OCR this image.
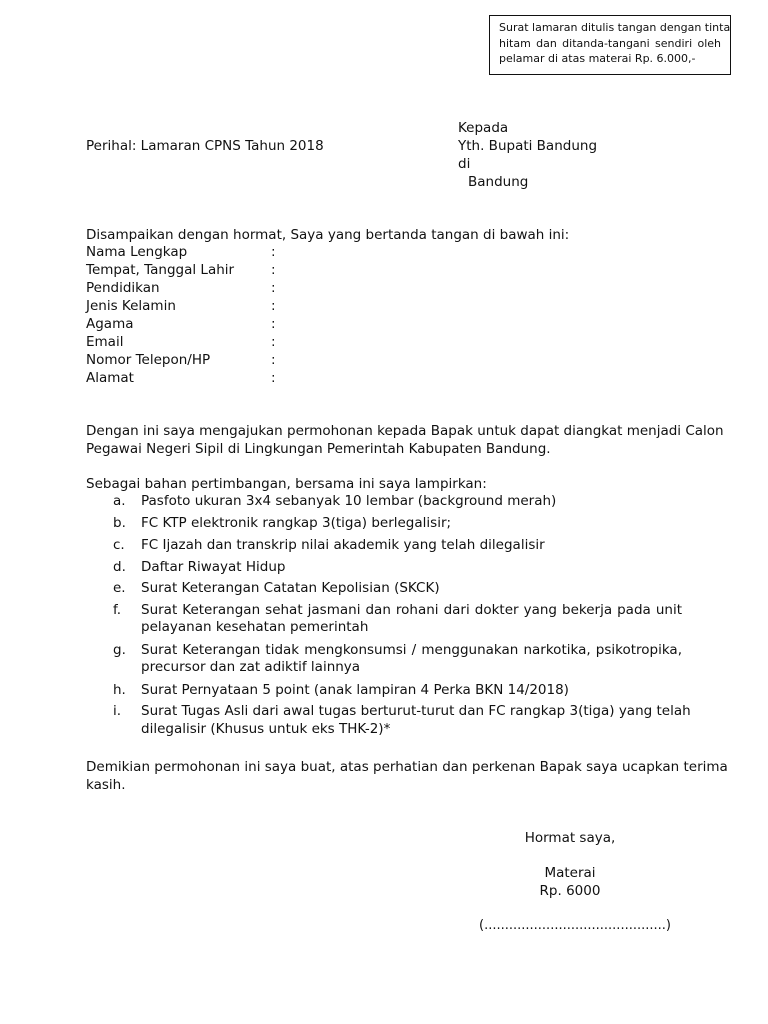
Surat lamaran ditulis tangan dengan tinta
hitam dan ditanda-tangani sendiri oleh
pelamar di atas materai Rp. 6.000,-
Kepada
Yth. Bupati Bandung
di
Bandung
Perihal: Lamaran CPNS Tahun 2018
Disampaikan dengan hormat, Saya yang bertanda tangan di bawah ini:
Nama Lengkap	:
Tempat, Tanggal Lahir	:
Pendidikan	:
Jenis Kelamin	:
Agama	:
Email	:
Nomor Telepon/HP	:
Alamat	:
Dengan ini saya mengajukan permohonan kepada Bapak untuk dapat diangkat menjadi Calon
Pegawai Negeri Sipil di Lingkungan Pemerintah Kabupaten Bandung.
Sebagai bahan pertimbangan, bersama ini saya lampirkan:
a. Pasfoto ukuran 3x4 sebanyak 10 lembar (background merah)
b. FC KTP elektronik rangkap 3(tiga) berlegalisir;
c. FC Ijazah dan transkrip nilai akademik yang telah dilegalisir
d. Daftar Riwayat Hidup
e. Surat Keterangan Catatan Kepolisian (SKCK)
f. Surat Keterangan sehat jasmani dan rohani dari dokter yang bekerja pada unit
pelayanan kesehatan pemerintah
g. Surat Keterangan tidak mengkonsumsi / menggunakan narkotika, psikotropika,
precursor dan zat adiktif lainnya
h. Surat Pernyataan 5 point (anak lampiran 4 Perka BKN 14/2018)
i. Surat Tugas Asli dari awal tugas berturut-turut dan FC rangkap 3(tiga) yang telah
dilegalisir (Khusus untuk eks THK-2)*
Demikian permohonan ini saya buat, atas perhatian dan perkenan Bapak saya ucapkan terima
kasih.
Hormat saya,
Materai
Rp. 6000
(............................................)
